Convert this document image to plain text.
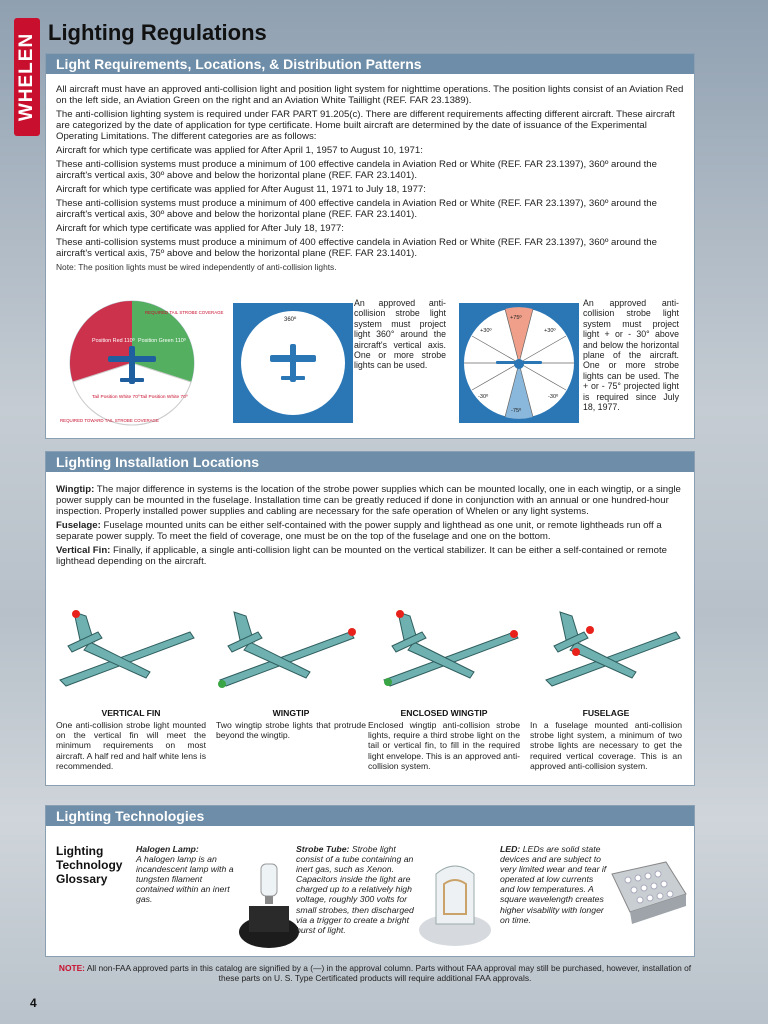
WHELEN
Lighting Regulations
Light Requirements, Locations, & Distribution Patterns

All aircraft must have an approved anti-collision light and position light system for nighttime operations. The position lights consist of an Aviation Red on the left side, an Aviation Green on the right and an Aviation White Taillight (REF. FAR 23.1389).

The anti-collision lighting system is required under FAR PART 91.205(c). There are different requirements affecting different aircraft. These aircraft are categorized by the date of application for type certificate. Home built aircraft are determined by the date of issuance of the Experimental Operating Limitations. The different categories are as follows:

Aircraft for which type certificate was applied for After April 1, 1957 to August 10, 1971:

These anti-collision systems must produce a minimum of 100 effective candela in Aviation Red or White (REF. FAR 23.1397), 360º around the aircraft's vertical axis, 30º above and below the horizontal plane (REF. FAR 23.1401).

Aircraft for which type certificate was applied for After August 11, 1971 to July 18, 1977:

These anti-collision systems must produce a minimum of 400 effective candela in Aviation Red or White (REF. FAR 23.1397), 360º around the aircraft's vertical axis, 30º above and below the horizontal plane (REF. FAR 23.1401).

Aircraft for which type certificate was applied for After July 18, 1977:

These anti-collision systems must produce a minimum of 400 effective candela in Aviation Red or White (REF. FAR 23.1397), 360º around the aircraft's vertical axis, 75º above and below the horizontal plane (REF. FAR 23.1401).

Note: The position lights must be wired independently of anti-collision lights.

Position Red 110º Position Green 110º
Tail Position White 70º Tail Position White 70º
REQUIRED TOWARD TAIL STROBE COVERAGE
REQUIRED TAIL STROBE COVERAGE
360º
An approved anti-collision strobe light system must project light 360° around the aircraft's vertical axis. One or more strobe lights can be used.
+75º
+30º	+30º
-30º	-30º
-75º
An approved anti-collision strobe light system must project light + or - 30° above and below the horizontal plane of the aircraft. One or more strobe lights can be used. The + or - 75° projected light is required since July 18, 1977.
Lighting Installation Locations

Wingtip: The major difference in systems is the location of the strobe power supplies which can be mounted locally, one in each wingtip, or a single power supply can be mounted in the fuselage. Installation time can be greatly reduced if done in conjunction with an annual or one hundred-hour inspection. Properly installed power supplies and cabling are necessary for the safe operation of Whelen or any light systems.

Fuselage: Fuselage mounted units can be either self-contained with the power supply and lighthead as one unit, or remote lightheads run off a separate power supply. To meet the field of coverage, one must be on the top of the fuselage and one on the bottom.

Vertical Fin: Finally, if applicable, a single anti-collision light can be mounted on the vertical stabilizer. It can be either a self-contained or remote lighthead depending on the aircraft.

VERTICAL FIN
One anti-collision strobe light mounted on the vertical fin will meet the minimum requirements on most aircraft. A half red and half white lens is recommended.
WINGTIP
Two wingtip strobe lights that protrude beyond the wingtip.
ENCLOSED WINGTIP
Enclosed wingtip anti-collision strobe lights, require a third strobe light on the tail or vertical fin, to fill in the required light envelope. This is an approved anti-collision system.
FUSELAGE
In a fuselage mounted anti-collision strobe light system, a minimum of two strobe lights are necessary to get the required vertical coverage. This is an approved anti-collision system.
Lighting Technologies
Lighting Technology Glossary
Halogen Lamp:
A halogen lamp is an incandescent lamp with a tungsten filament contained within an inert gas.
Strobe Tube: Strobe light consist of a tube containing an inert gas, such as Xenon. Capacitors inside the light are charged up to a relatively high voltage, roughly 300 volts for small strobes, then discharged via a trigger to create a bright burst of light.
LED: LEDs are solid state devices and are subject to very limited wear and tear if operated at low currents and low temperatures. A square wavelength creates higher visability with longer on time.
NOTE: All non-FAA approved parts in this catalog are signified by a (—) in the approval column. Parts without FAA approval may still be purchased, however, installation of these parts on U. S. Type Certificated products will require additional FAA approvals.
4
